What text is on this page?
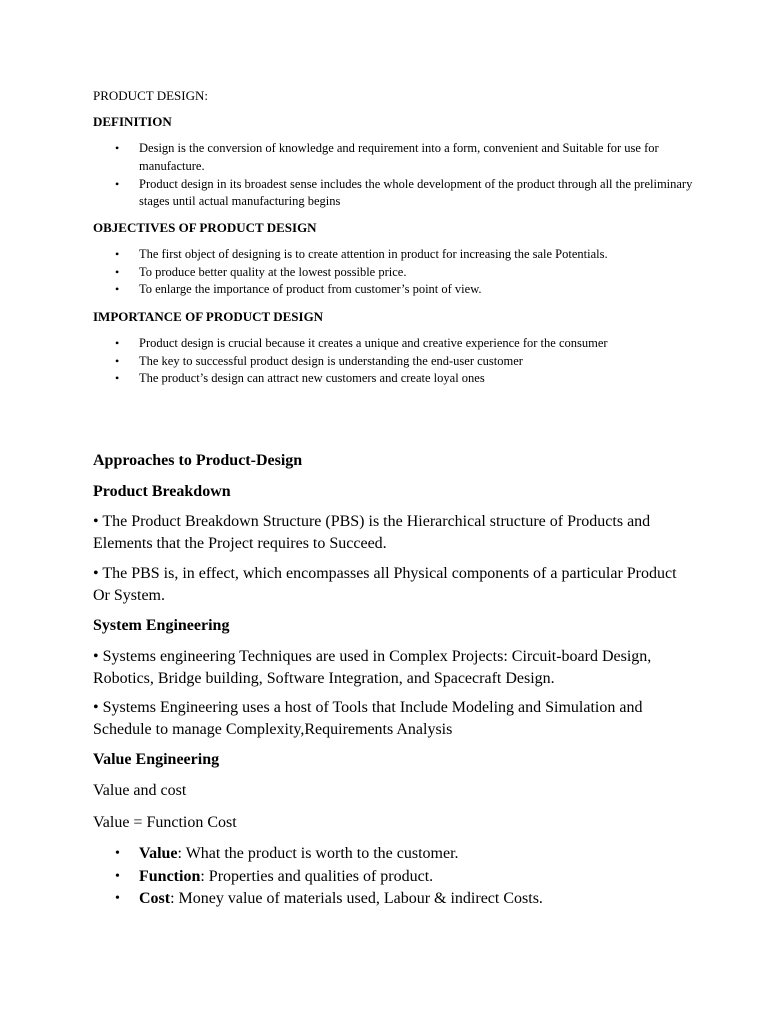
PRODUCT DESIGN:
DEFINITION
• Design is the conversion of knowledge and requirement into a form, convenient and Suitable for use for manufacture.
• Product design in its broadest sense includes the whole development of the product through all the preliminary stages until actual manufacturing begins
OBJECTIVES OF PRODUCT DESIGN
• The first object of designing is to create attention in product for increasing the sale Potentials.
• To produce better quality at the lowest possible price.
• To enlarge the importance of product from customer’s point of view.
IMPORTANCE OF PRODUCT DESIGN
• Product design is crucial because it creates a unique and creative experience for the consumer
• The key to successful product design is understanding the end-user customer
• The product’s design can attract new customers and create loyal ones
Approaches to Product-Design
Product Breakdown
• The Product Breakdown Structure (PBS) is the Hierarchical structure of Products and Elements that the Project requires to Succeed.
• The PBS is, in effect, which encompasses all Physical components of a particular Product Or System.
System Engineering
• Systems engineering Techniques are used in Complex Projects: Circuit-board Design, Robotics, Bridge building, Software Integration, and Spacecraft Design.
• Systems Engineering uses a host of Tools that Include Modeling and Simulation and Schedule to manage Complexity,Requirements Analysis
Value Engineering
Value and cost
Value = Function Cost
• Value: What the product is worth to the customer.
• Function: Properties and qualities of product.
• Cost: Money value of materials used, Labour & indirect Costs.
